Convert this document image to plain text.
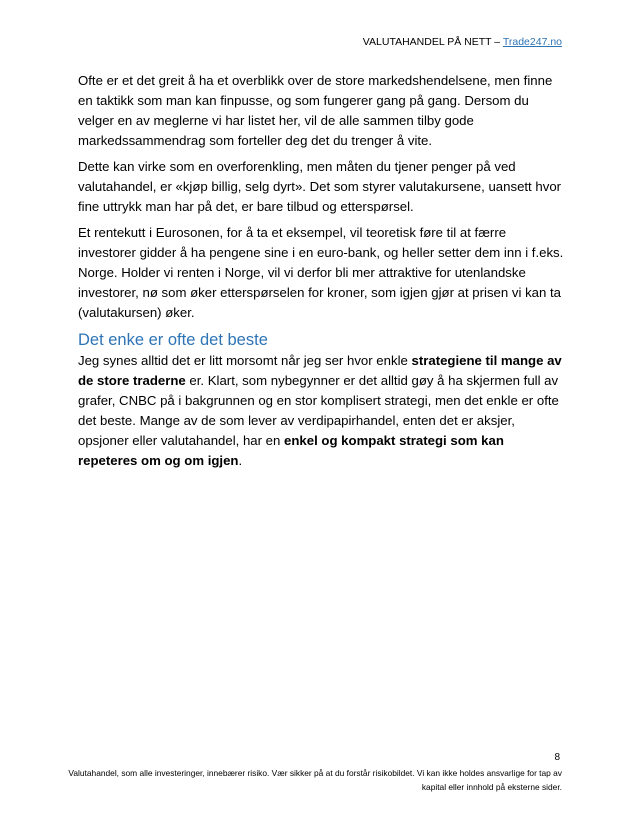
VALUTAHANDEL PÅ NETT – Trade247.no

Ofte er et det greit å ha et overblikk over de store markedshendelsene, men finne en taktikk som man kan finpusse, og som fungerer gang på gang. Dersom du velger en av meglerne vi har listet her, vil de alle sammen tilby gode markedssammendrag som forteller deg det du trenger å vite.

Dette kan virke som en overforenkling, men måten du tjener penger på ved valutahandel, er «kjøp billig, selg dyrt». Det som styrer valutakursene, uansett hvor fine uttrykk man har på det, er bare tilbud og etterspørsel.

Et rentekutt i Eurosonen, for å ta et eksempel, vil teoretisk føre til at færre investorer gidder å ha pengene sine i en euro-bank, og heller setter dem inn i f.eks. Norge. Holder vi renten i Norge, vil vi derfor bli mer attraktive for utenlandske investorer, nø som øker etterspørselen for kroner, som igjen gjør at prisen vi kan ta (valutakursen) øker.

Det enke er ofte det beste

Jeg synes alltid det er litt morsomt når jeg ser hvor enkle strategiene til mange av de store traderne er. Klart, som nybegynner er det alltid gøy å ha skjermen full av grafer, CNBC på i bakgrunnen og en stor komplisert strategi, men det enkle er ofte det beste. Mange av de som lever av verdipapirhandel, enten det er aksjer, opsjoner eller valutahandel, har en enkel og kompakt strategi som kan repeteres om og om igjen.

8
Valutahandel, som alle investeringer, innebærer risiko. Vær sikker på at du forstår risikobildet. Vi kan ikke holdes ansvarlige for tap av kapital eller innhold på eksterne sider.
